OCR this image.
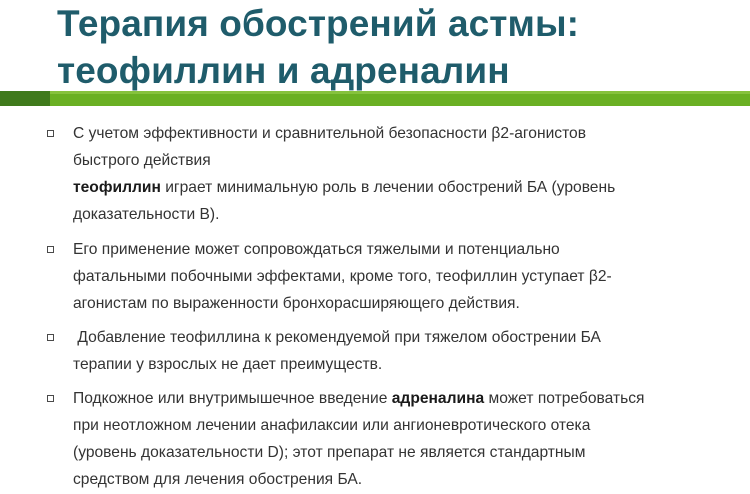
Терапия обострений астмы:
теофиллин и адреналин
С учетом эффективности и сравнительной безопасности β2-агонистов
быстрого действия
теофиллин играет минимальную роль в лечении обострений БА (уровень
доказательности В).
Его применение может сопровождаться тяжелыми и потенциально
фатальными побочными эффектами, кроме того, теофиллин уступает β2-
агонистам по выраженности бронхорасширяющего действия.
Добавление теофиллина к рекомендуемой при тяжелом обострении БА
терапии у взрослых не дает преимуществ.
Подкожное или внутримышечное введение адреналина может потребоваться
при неотложном лечении анафилаксии или ангионевротического отека
(уровень доказательности D); этот препарат не является стандартным
средством для лечения обострения БА.
